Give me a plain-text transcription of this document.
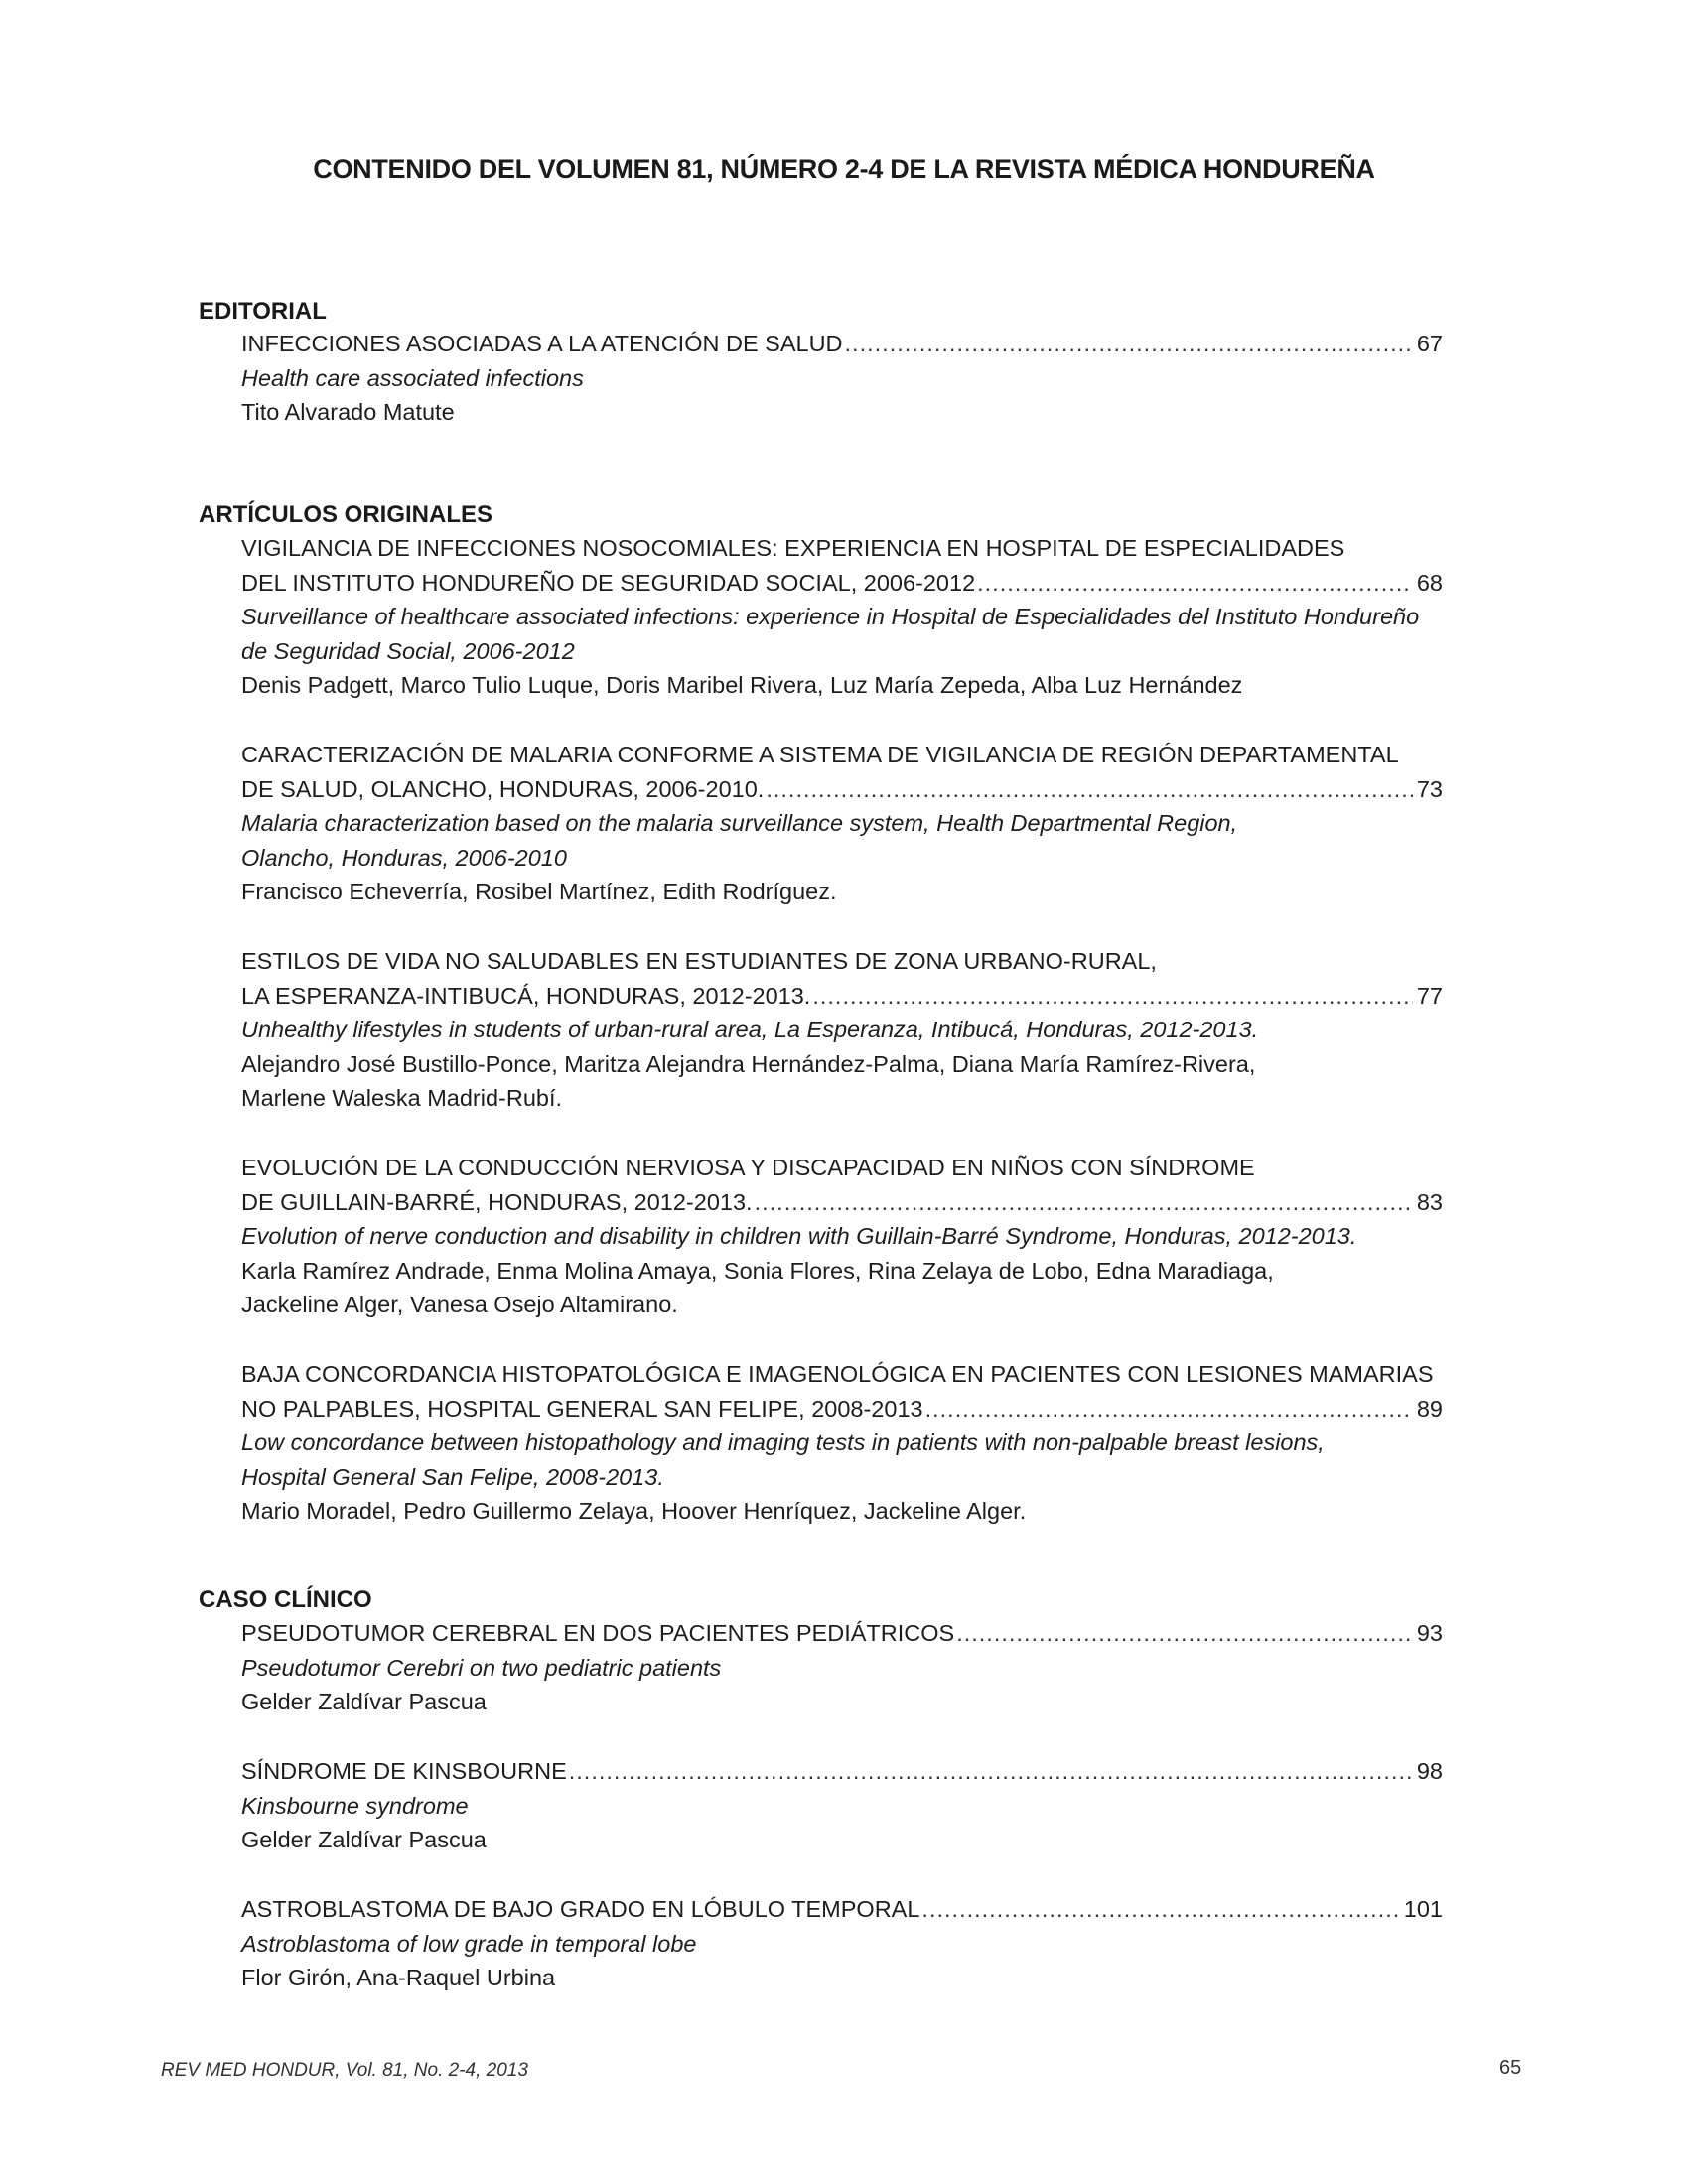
CONTENIDO DEL VOLUMEN 81, NÚMERO 2-4 DE LA REVISTA MÉDICA HONDUREÑA
EDITORIAL
INFECCIONES ASOCIADAS A LA ATENCIÓN DE SALUD .....	67
Health care associated infections
Tito Alvarado Matute
ARTÍCULOS ORIGINALES
VIGILANCIA DE INFECCIONES NOSOCOMIALES: EXPERIENCIA EN HOSPITAL DE ESPECIALIDADES
DEL INSTITUTO HONDUREÑO DE SEGURIDAD SOCIAL, 2006-2012 .....	68
Surveillance of healthcare associated infections: experience in Hospital de Especialidades del Instituto Hondureño
de Seguridad Social, 2006-2012
Denis Padgett, Marco Tulio Luque, Doris Maribel Rivera, Luz María Zepeda, Alba Luz Hernández
CARACTERIZACIÓN DE MALARIA CONFORME A SISTEMA DE VIGILANCIA DE REGIÓN DEPARTAMENTAL
DE SALUD, OLANCHO, HONDURAS, 2006-2010. .....	73
Malaria characterization based on the malaria surveillance system, Health Departmental Region,
Olancho, Honduras, 2006-2010
Francisco Echeverría, Rosibel Martínez, Edith Rodríguez.
ESTILOS DE VIDA NO SALUDABLES EN ESTUDIANTES DE ZONA URBANO-RURAL,
LA ESPERANZA-INTIBUCÁ, HONDURAS, 2012-2013. .....	77
Unhealthy lifestyles in students of urban-rural area, La Esperanza, Intibucá, Honduras, 2012-2013.
Alejandro José Bustillo-Ponce, Maritza Alejandra Hernández-Palma, Diana María Ramírez-Rivera,
Marlene Waleska Madrid-Rubí.
EVOLUCIÓN DE LA CONDUCCIÓN NERVIOSA Y DISCAPACIDAD EN NIÑOS CON SÍNDROME
DE GUILLAIN-BARRÉ, HONDURAS, 2012-2013. .....	83
Evolution of nerve conduction and disability in children with Guillain-Barré Syndrome, Honduras, 2012-2013.
Karla Ramírez Andrade, Enma Molina Amaya, Sonia Flores, Rina Zelaya de Lobo, Edna Maradiaga,
Jackeline Alger, Vanesa Osejo Altamirano.
BAJA CONCORDANCIA HISTOPATOLÓGICA E IMAGENOLÓGICA EN PACIENTES CON LESIONES MAMARIAS
NO PALPABLES, HOSPITAL GENERAL SAN FELIPE, 2008-2013 .....	89
Low concordance between histopathology and imaging tests in patients with non-palpable breast lesions,
Hospital General San Felipe, 2008-2013.
Mario Moradel, Pedro Guillermo Zelaya, Hoover Henríquez, Jackeline Alger.
CASO CLÍNICO
PSEUDOTUMOR CEREBRAL EN DOS PACIENTES PEDIÁTRICOS .....	93
Pseudotumor Cerebri on two pediatric patients
Gelder Zaldívar Pascua
SÍNDROME DE KINSBOURNE .....	98
Kinsbourne syndrome
Gelder Zaldívar Pascua
ASTROBLASTOMA DE BAJO GRADO EN LÓBULO TEMPORAL .....	101
Astroblastoma of low grade in temporal lobe
Flor Girón, Ana-Raquel Urbina
REV MED HONDUR, Vol. 81, No. 2-4, 2013	65
